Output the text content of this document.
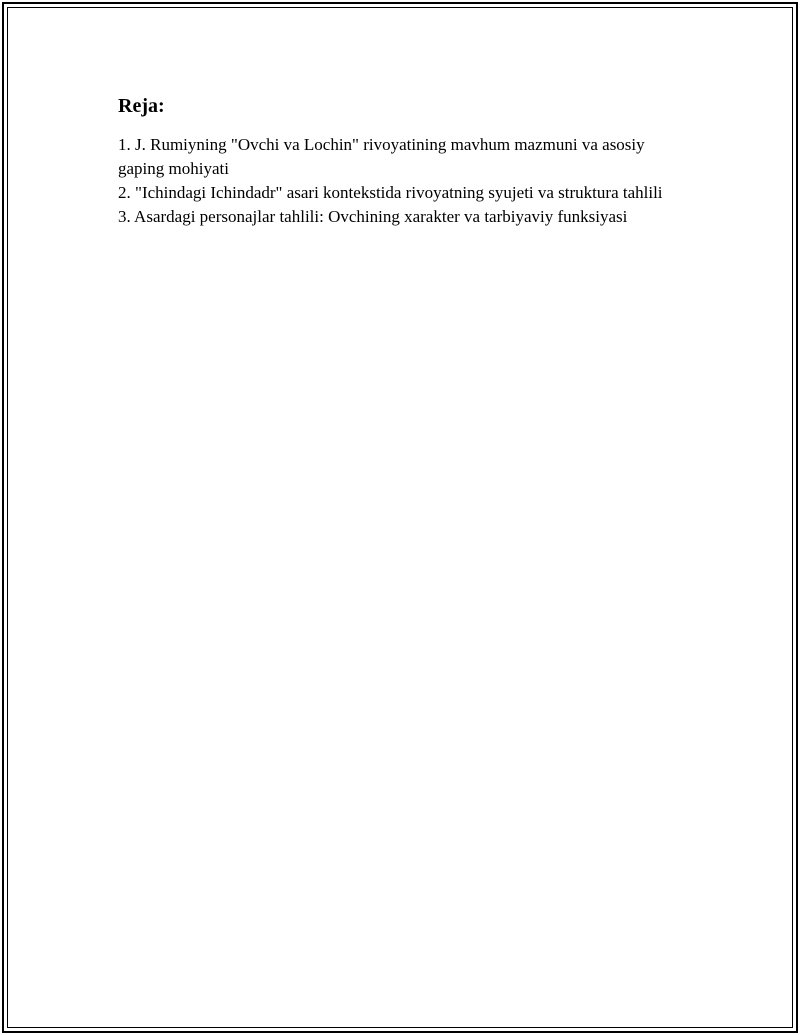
Reja:
1. J. Rumiyning "Ovchi va Lochin" rivoyatining mavhum mazmuni va asosiy gaping mohiyati
2. "Ichindagi Ichindadr" asari kontekstida rivoyatning syujeti va struktura tahlili
3. Asardagi personajlar tahlili: Ovchining xarakter va tarbiyaviy funksiyasi
